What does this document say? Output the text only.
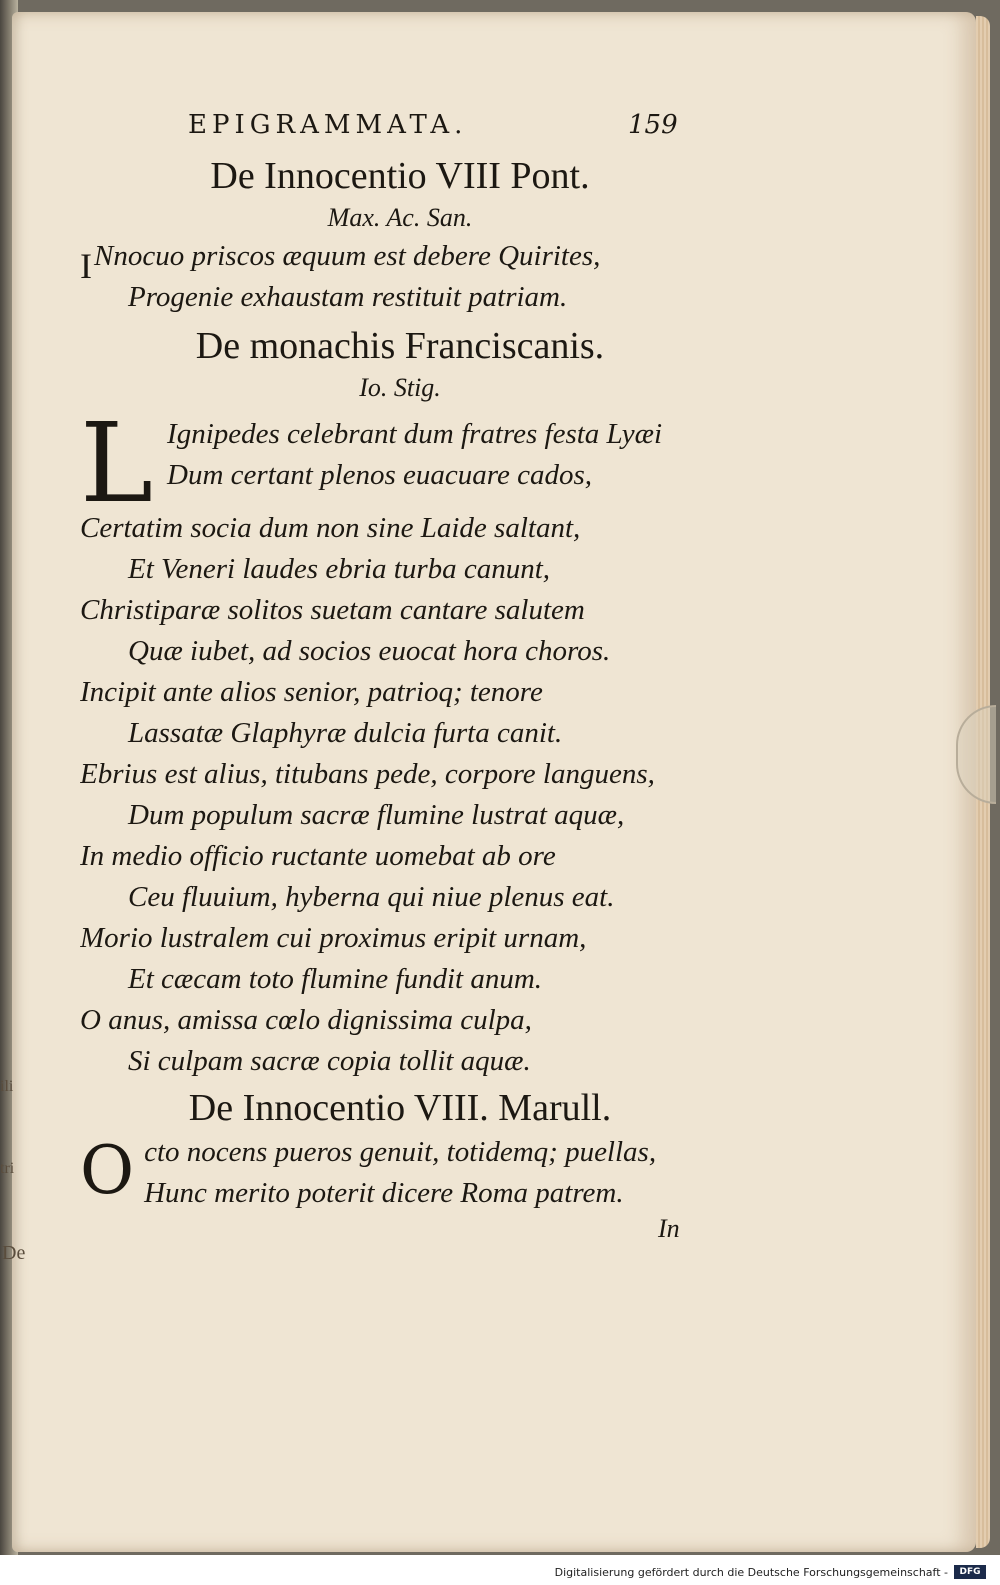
ili
tri
De
EPIGRAMMATA.	159
De Innocentio VIII Pont.
Max. Ac. San.
I Nnocuo priscos æquum est debere Quirites,
Progenie exhaustam restituit patriam.
De monachis Franciscanis.
Io. Stig.
L Ignipedes celebrant dum fratres festa Lyæi
Dum certant plenos euacuare cados,
Certatim socia dum non sine Laide saltant,
Et Veneri laudes ebria turba canunt,
Christiparæ solitos suetam cantare salutem
Quæ iubet, ad socios euocat hora choros.
Incipit ante alios senior, patrioq; tenore
Lassatæ Glaphyræ dulcia furta canit.
Ebrius est alius, titubans pede, corpore languens,
Dum populum sacræ flumine lustrat aquæ,
In medio officio ructante uomebat ab ore
Ceu fluuium, hyberna qui niue plenus eat.
Morio lustralem cui proximus eripit urnam,
Et cæcam toto flumine fundit anum.
O anus, amissa cœlo dignissima culpa,
Si culpam sacræ copia tollit aquæ.
De Innocentio VIII. Marull.
O cto nocens pueros genuit, totidemq; puellas,
Hunc merito poterit dicere Roma patrem.
In
Digitalisierung gefördert durch die Deutsche Forschungsgemeinschaft -	DFG
